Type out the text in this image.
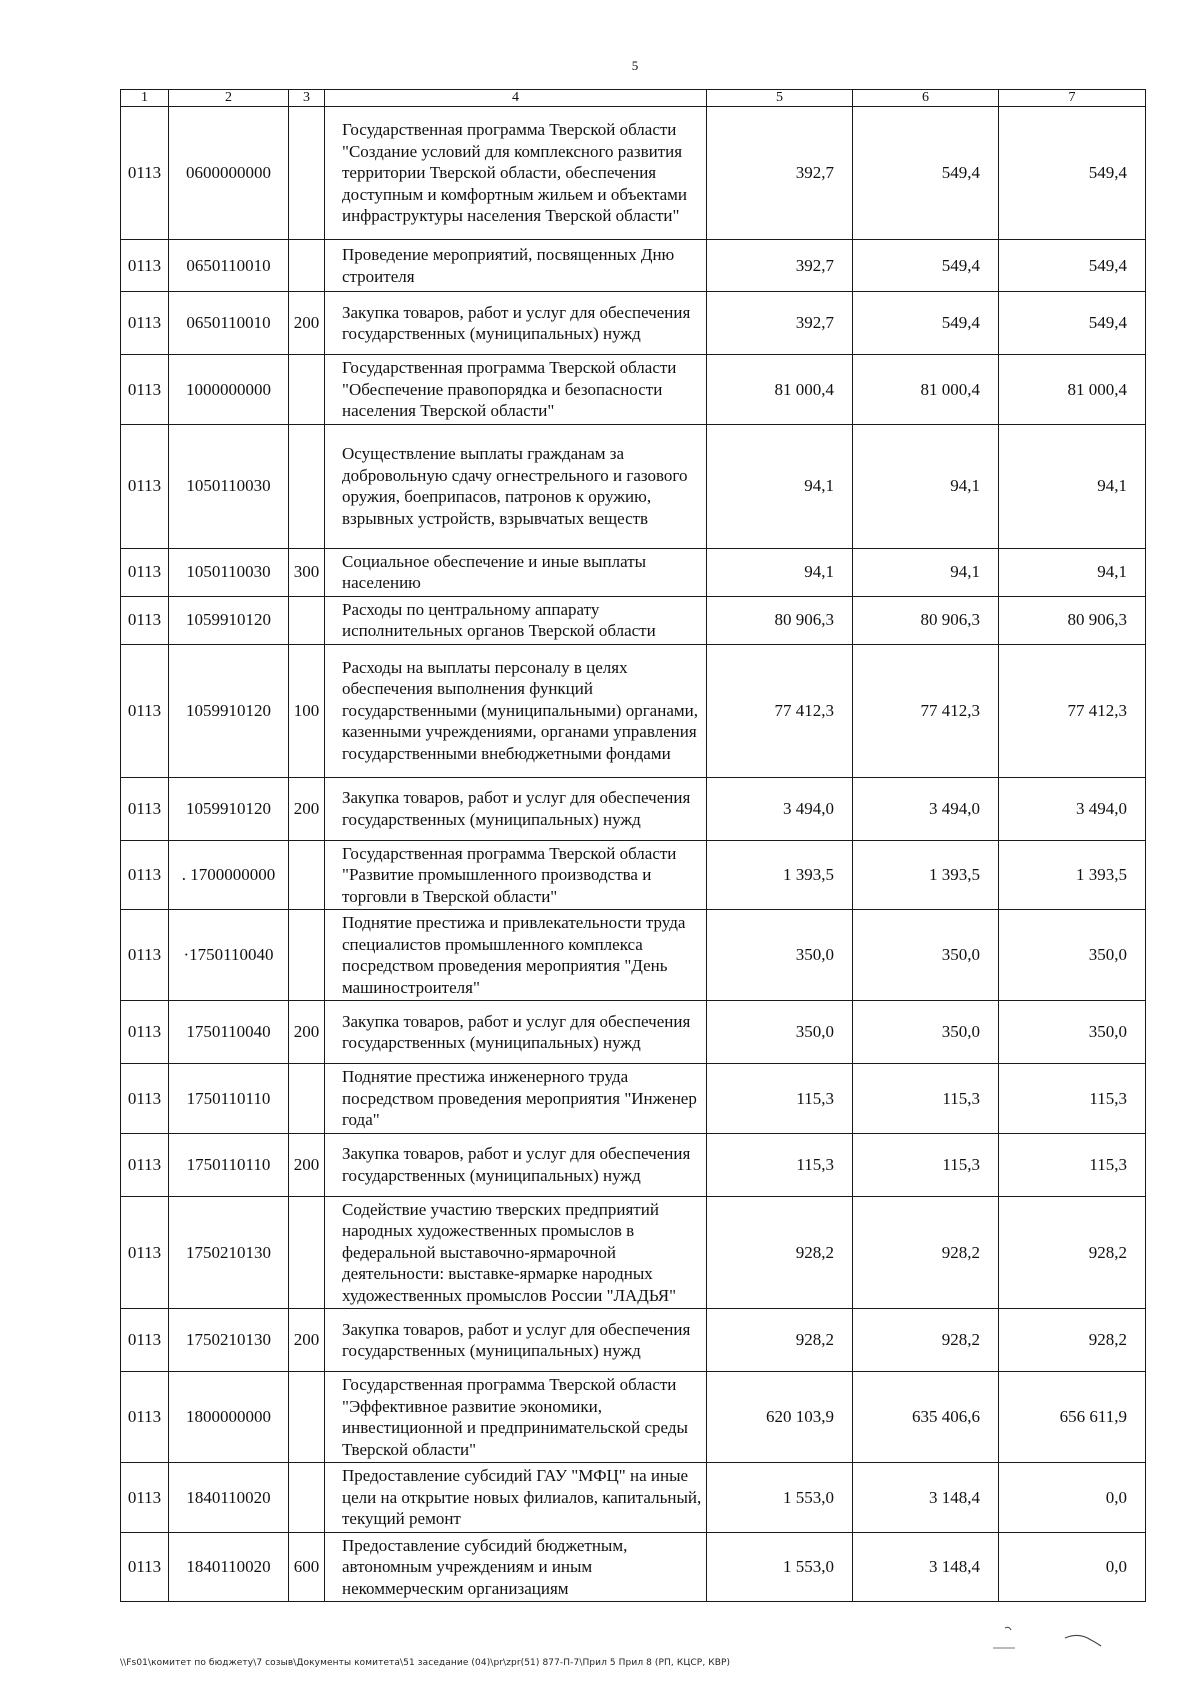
5
1	2	3	4	5	6	7
0113	0600000000		Государственная программа Тверской области "Создание условий для комплексного развития территории Тверской области, обеспечения доступным и комфортным жильем и объектами инфраструктуры населения Тверской области"	392,7	549,4	549,4
0113	0650110010		Проведение мероприятий, посвященных Дню строителя	392,7	549,4	549,4
0113	0650110010	200	Закупка товаров, работ и услуг для обеспечения государственных (муниципальных) нужд	392,7	549,4	549,4
0113	1000000000		Государственная программа Тверской области "Обеспечение правопорядка и безопасности населения Тверской области"	81 000,4	81 000,4	81 000,4
0113	1050110030		Осуществление выплаты гражданам за добровольную сдачу огнестрельного и газового оружия, боеприпасов, патронов к оружию, взрывных устройств, взрывчатых веществ	94,1	94,1	94,1
0113	1050110030	300	Социальное обеспечение и иные выплаты населению	94,1	94,1	94,1
0113	1059910120		Расходы по центральному аппарату исполнительных органов Тверской области	80 906,3	80 906,3	80 906,3
0113	1059910120	100	Расходы на выплаты персоналу в целях обеспечения выполнения функций государственными (муниципальными) органами, казенными учреждениями, органами управления государственными внебюджетными фондами	77 412,3	77 412,3	77 412,3
0113	1059910120	200	Закупка товаров, работ и услуг для обеспечения государственных (муниципальных) нужд	3 494,0	3 494,0	3 494,0
0113	. 1700000000		Государственная программа Тверской области "Развитие промышленного производства и торговли в Тверской области"	1 393,5	1 393,5	1 393,5
0113	·1750110040		Поднятие престижа и привлекательности труда специалистов промышленного комплекса посредством проведения мероприятия "День машиностроителя"	350,0	350,0	350,0
0113	1750110040	200	Закупка товаров, работ и услуг для обеспечения государственных (муниципальных) нужд	350,0	350,0	350,0
0113	1750110110		Поднятие престижа инженерного труда посредством проведения мероприятия "Инженер года"	115,3	115,3	115,3
0113	1750110110	200	Закупка товаров, работ и услуг для обеспечения государственных (муниципальных) нужд	115,3	115,3	115,3
0113	1750210130		Содействие участию тверских предприятий народных художественных промыслов в федеральной выставочно-ярмарочной деятельности: выставке-ярмарке народных художественных промыслов России "ЛАДЬЯ"	928,2	928,2	928,2
0113	1750210130	200	Закупка товаров, работ и услуг для обеспечения государственных (муниципальных) нужд	928,2	928,2	928,2
0113	1800000000		Государственная программа Тверской области "Эффективное развитие экономики, инвестиционной и предпринимательской среды Тверской области"	620 103,9	635 406,6	656 611,9
0113	1840110020		Предоставление субсидий ГАУ "МФЦ" на иные цели на открытие новых филиалов, капитальный, текущий ремонт	1 553,0	3 148,4	0,0
0113	1840110020	600	Предоставление субсидий бюджетным, автономным учреждениям и иным некоммерческим организациям	1 553,0	3 148,4	0,0
\\Fs01\комитет по бюджету\7 созыв\Документы комитета\51 заседание (04)\pr\zpr(51) 877-П-7\Прил 5 Прил 8 (РП, КЦСР, КВР)
